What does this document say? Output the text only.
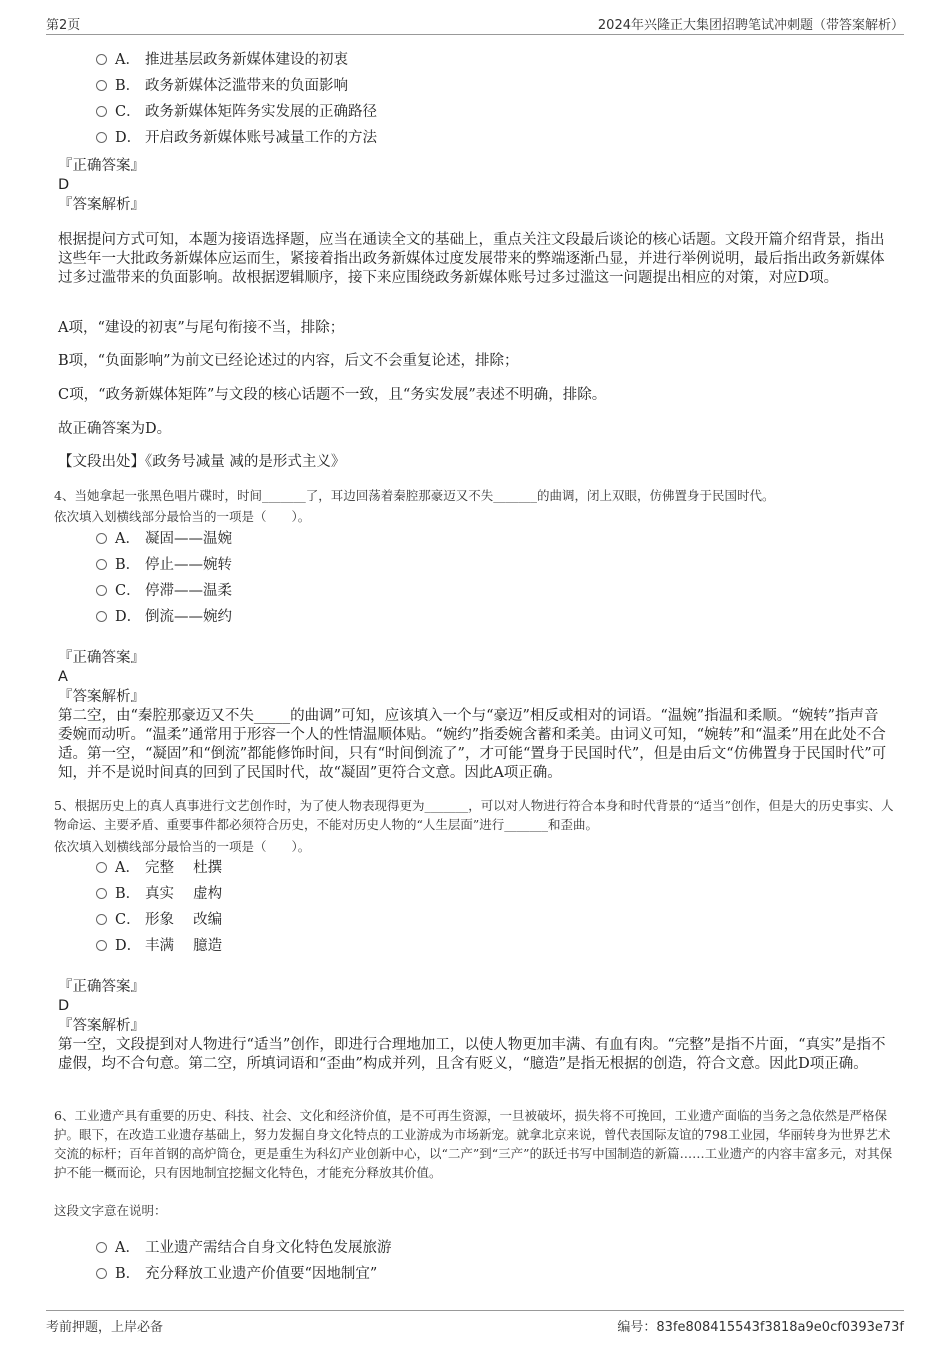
第2页	2024年兴隆正大集团招聘笔试冲刺题（带答案解析）
A． 推进基层政务新媒体建设的初衷
B． 政务新媒体泛滥带来的负面影响
C． 政务新媒体矩阵务实发展的正确路径
D． 开启政务新媒体账号减量工作的方法
『正确答案』
D
『答案解析』
根据提问方式可知，本题为接语选择题，应当在通读全文的基础上，重点关注文段最后谈论的核心话题。文段开篇介绍背景，指出这些年一大批政务新媒体应运而生，紧接着指出政务新媒体过度发展带来的弊端逐渐凸显，并进行举例说明，最后指出政务新媒体过多过滥带来的负面影响。故根据逻辑顺序，接下来应围绕政务新媒体账号过多过滥这一问题提出相应的对策，对应D项。
A项，“建设的初衷”与尾句衔接不当，排除；
B项，“负面影响”为前文已经论述过的内容，后文不会重复论述，排除；
C项，“政务新媒体矩阵”与文段的核心话题不一致，且“务实发展”表述不明确，排除。
故正确答案为D。
【文段出处】《政务号减量 减的是形式主义》
4、当她拿起一张黑色唱片碟时，时间_______了，耳边回荡着秦腔那豪迈又不失_______的曲调，闭上双眼，仿佛置身于民国时代。
依次填入划横线部分最恰当的一项是（　　）。
A． 凝固——温婉
B． 停止——婉转
C． 停滞——温柔
D． 倒流——婉约
『正确答案』
A
『答案解析』
第二空，由“秦腔那豪迈又不失_____的曲调”可知，应该填入一个与“豪迈”相反或相对的词语。“温婉”指温和柔顺。“婉转”指声音委婉而动听。“温柔”通常用于形容一个人的性情温顺体贴。“婉约”指委婉含蓄和柔美。由词义可知，“婉转”和“温柔”用在此处不合适。第一空，“凝固”和“倒流”都能修饰时间，只有“时间倒流了”，才可能“置身于民国时代”，但是由后文“仿佛置身于民国时代”可知，并不是说时间真的回到了民国时代，故“凝固”更符合文意。因此A项正确。
5、根据历史上的真人真事进行文艺创作时，为了使人物表现得更为_______，可以对人物进行符合本身和时代背景的“适当”创作，但是大的历史事实、人物命运、主要矛盾、重要事件都必须符合历史，不能对历史人物的“人生层面”进行_______和歪曲。
依次填入划横线部分最恰当的一项是（　　）。
A． 完整　 杜撰
B． 真实　 虚构
C． 形象　 改编
D． 丰满　 臆造
『正确答案』
D
『答案解析』
第一空，文段提到对人物进行“适当”创作，即进行合理地加工，以使人物更加丰满、有血有肉。“完整”是指不片面，“真实”是指不虚假，均不合句意。第二空，所填词语和“歪曲”构成并列，且含有贬义，“臆造”是指无根据的创造，符合文意。因此D项正确。
6、工业遗产具有重要的历史、科技、社会、文化和经济价值，是不可再生资源，一旦被破坏，损失将不可挽回，工业遗产面临的当务之急依然是严格保护。眼下，在改造工业遗存基础上，努力发掘自身文化特点的工业游成为市场新宠。就拿北京来说，曾代表国际友谊的798工业园，华丽转身为世界艺术交流的标杆；百年首钢的高炉筒仓，更是重生为科幻产业创新中心，以“二产”到“三产”的跃迁书写中国制造的新篇……工业遗产的内容丰富多元，对其保护不能一概而论，只有因地制宜挖掘文化特色，才能充分释放其价值。
这段文字意在说明：
A． 工业遗产需结合自身文化特色发展旅游
B． 充分释放工业遗产价值要“因地制宜”
考前押题，上岸必备	编号：83fe808415543f3818a9e0cf0393e73f
